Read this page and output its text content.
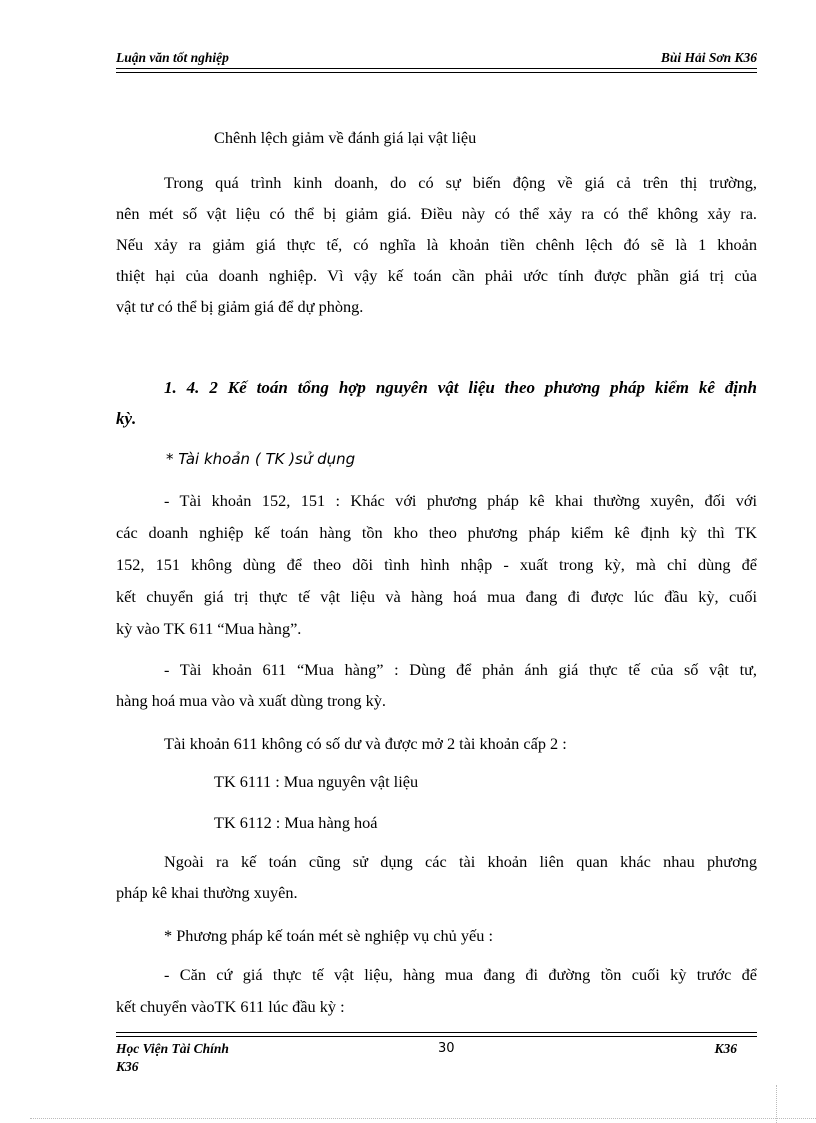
Luận văn tốt nghiệp	Bùi Hải Sơn K36
Chênh lệch giảm về đánh giá lại vật liệu
Trong quá trình kinh doanh, do có sự biến động về giá cả trên thị trường,
nên mét số vật liệu có thể bị giảm giá. Điều này có thể xảy ra có thể không xảy ra.
Nếu xảy ra giảm giá thực tế, có nghĩa là khoản tiền chênh lệch đó sẽ là 1 khoản
thiệt hại của doanh nghiệp. Vì vậy kế toán cần phải ước tính được phần giá trị của
vật tư có thể bị giảm giá để dự phòng.
1. 4. 2 Kế toán tổng hợp nguyên vật liệu theo phương pháp kiểm kê định
kỳ.
* Tài khoản ( TK )sử dụng
- Tài khoản 152, 151 : Khác với phương pháp kê khai thường xuyên, đối với
các doanh nghiệp kế toán hàng tồn kho theo phương pháp kiểm kê định kỳ thì TK
152, 151 không dùng để theo dõi tình hình nhập - xuất trong kỳ, mà chỉ dùng để
kết chuyển giá trị thực tế vật liệu và hàng hoá mua đang đi được lúc đầu kỳ, cuối
kỳ vào TK 611 “Mua hàng”.
- Tài khoản 611 “Mua hàng” : Dùng để phản ánh giá thực tế của số vật tư,
hàng hoá mua vào và xuất dùng trong kỳ.
Tài khoản 611 không có số dư và được mở 2 tài khoản cấp 2 :
TK 6111 : Mua nguyên vật liệu
TK 6112 : Mua hàng hoá
Ngoài ra kế toán cũng sử dụng các tài khoản liên quan khác nhau phương
pháp kê khai thường xuyên.
* Phương pháp kế toán mét sè nghiệp vụ chủ yếu :
- Căn cứ giá thực tế vật liệu, hàng mua đang đi đường tồn cuối kỳ trước để
kết chuyển vàoTK 611 lúc đầu kỳ :
Học Viện Tài Chính
K36
30	K36
